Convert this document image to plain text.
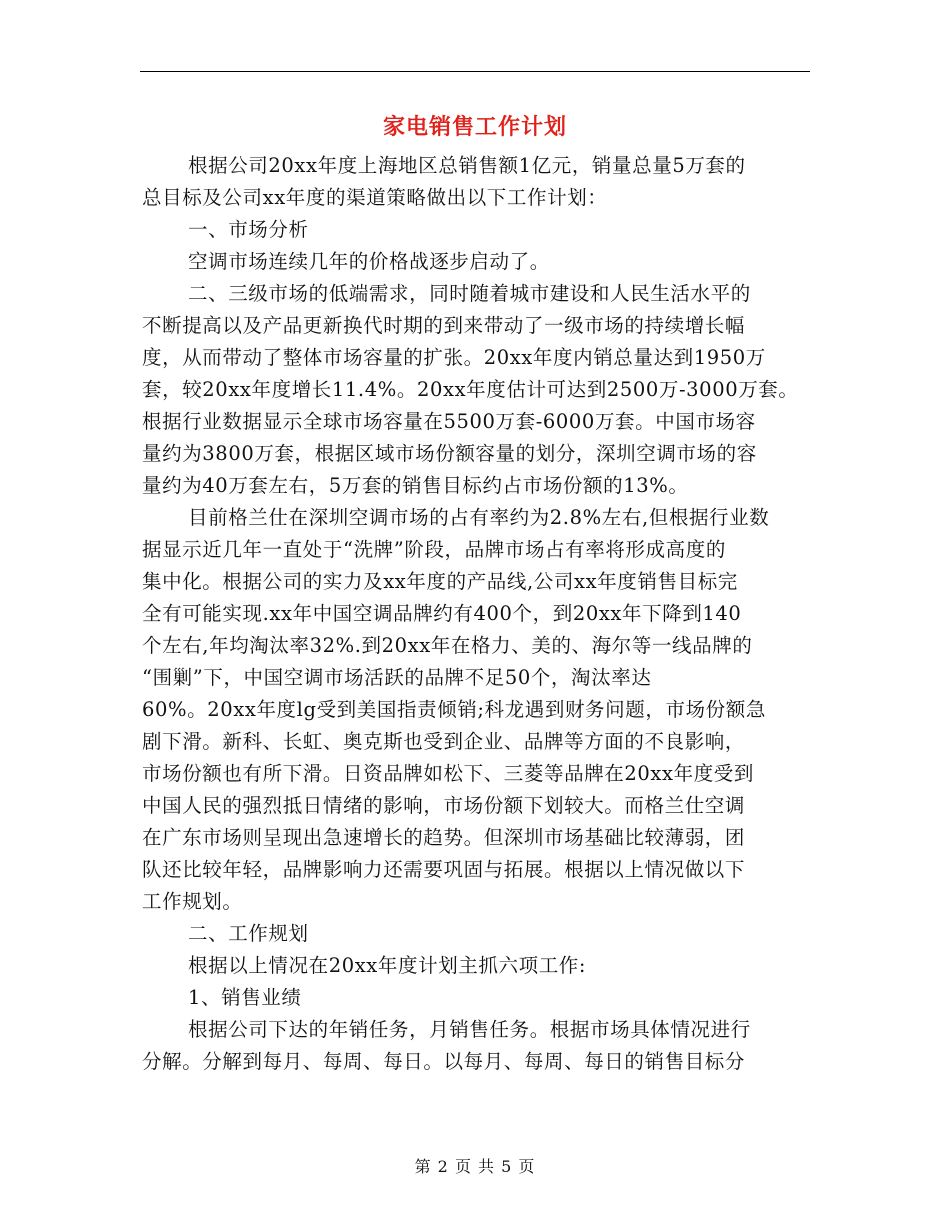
家电销售工作计划
根据公司20xx年度上海地区总销售额1亿元，销量总量5万套的
总目标及公司xx年度的渠道策略做出以下工作计划：
一、市场分析
空调市场连续几年的价格战逐步启动了。
二、三级市场的低端需求，同时随着城市建设和人民生活水平的
不断提高以及产品更新换代时期的到来带动了一级市场的持续增长幅
度，从而带动了整体市场容量的扩张。20xx年度内销总量达到1950万
套，较20xx年度增长11.4%。20xx年度估计可达到2500万-3000万套。
根据行业数据显示全球市场容量在5500万套-6000万套。中国市场容
量约为3800万套，根据区域市场份额容量的划分，深圳空调市场的容
量约为40万套左右，5万套的销售目标约占市场份额的13%。
目前格兰仕在深圳空调市场的占有率约为2.8%左右,但根据行业数
据显示近几年一直处于“洗牌”阶段，品牌市场占有率将形成高度的
集中化。根据公司的实力及xx年度的产品线,公司xx年度销售目标完
全有可能实现.xx年中国空调品牌约有400个，到20xx年下降到140
个左右,年均淘汰率32%.到20xx年在格力、美的、海尔等一线品牌的
“围剿”下，中国空调市场活跃的品牌不足50个，淘汰率达
60%。20xx年度lg受到美国指责倾销;科龙遇到财务问题，市场份额急
剧下滑。新科、长虹、奥克斯也受到企业、品牌等方面的不良影响，
市场份额也有所下滑。日资品牌如松下、三菱等品牌在20xx年度受到
中国人民的强烈抵日情绪的影响，市场份额下划较大。而格兰仕空调
在广东市场则呈现出急速增长的趋势。但深圳市场基础比较薄弱，团
队还比较年轻，品牌影响力还需要巩固与拓展。根据以上情况做以下
工作规划。
二、工作规划
根据以上情况在20xx年度计划主抓六项工作:
1、销售业绩
根据公司下达的年销任务，月销售任务。根据市场具体情况进行
分解。分解到每月、每周、每日。以每月、每周、每日的销售目标分
第 2 页 共 5 页
